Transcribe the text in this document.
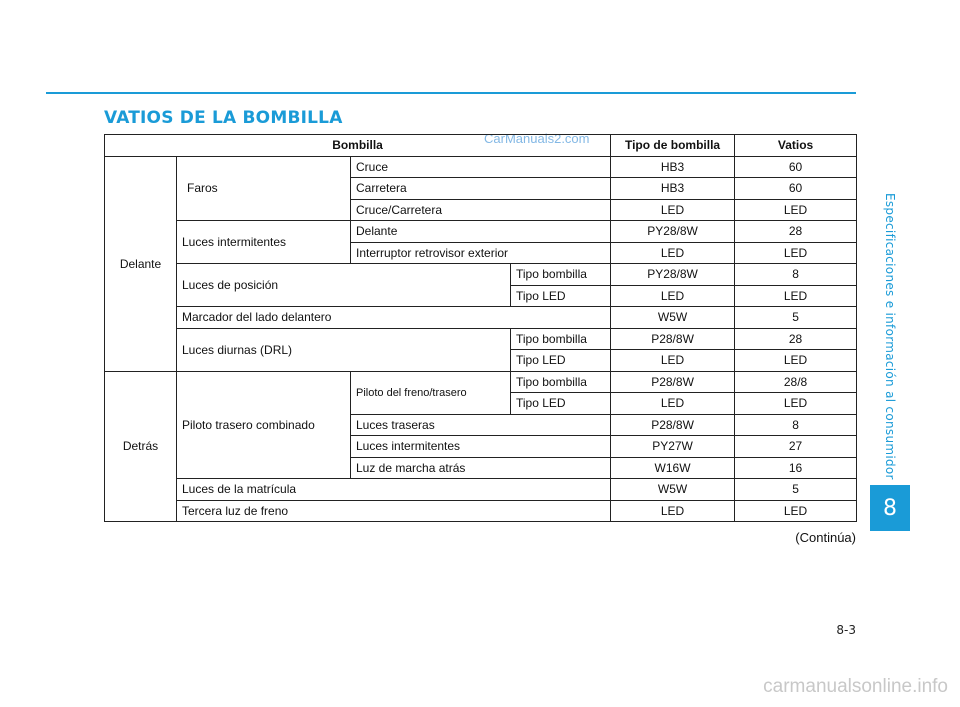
VATIOS DE LA BOMBILLA
CarManuals2.com
Bombilla				Tipo de bombilla	Vatios
Delante	Faros	Cruce		HB3	60
		Carretera		HB3	60
		Cruce/Carretera		LED	LED
	Luces intermitentes	Delante		PY28/8W	28
		Interruptor retrovisor exterior		LED	LED
	Luces de posición		Tipo bombilla	PY28/8W	8
			Tipo LED	LED	LED
	Marcador del lado delantero			W5W	5
	Luces diurnas (DRL)		Tipo bombilla	P28/8W	28
			Tipo LED	LED	LED
Detrás	Piloto trasero combinado	Piloto del freno/trasero	Tipo bombilla	P28/8W	28/8
			Tipo LED	LED	LED
		Luces traseras		P28/8W	8
		Luces intermitentes		PY27W	27
		Luz de marcha atrás		W16W	16
	Luces de la matrícula			W5W	5
	Tercera luz de freno			LED	LED
(Continúa)
8-3
Especificaciones e información al consumidor
8
carmanualsonline.info
